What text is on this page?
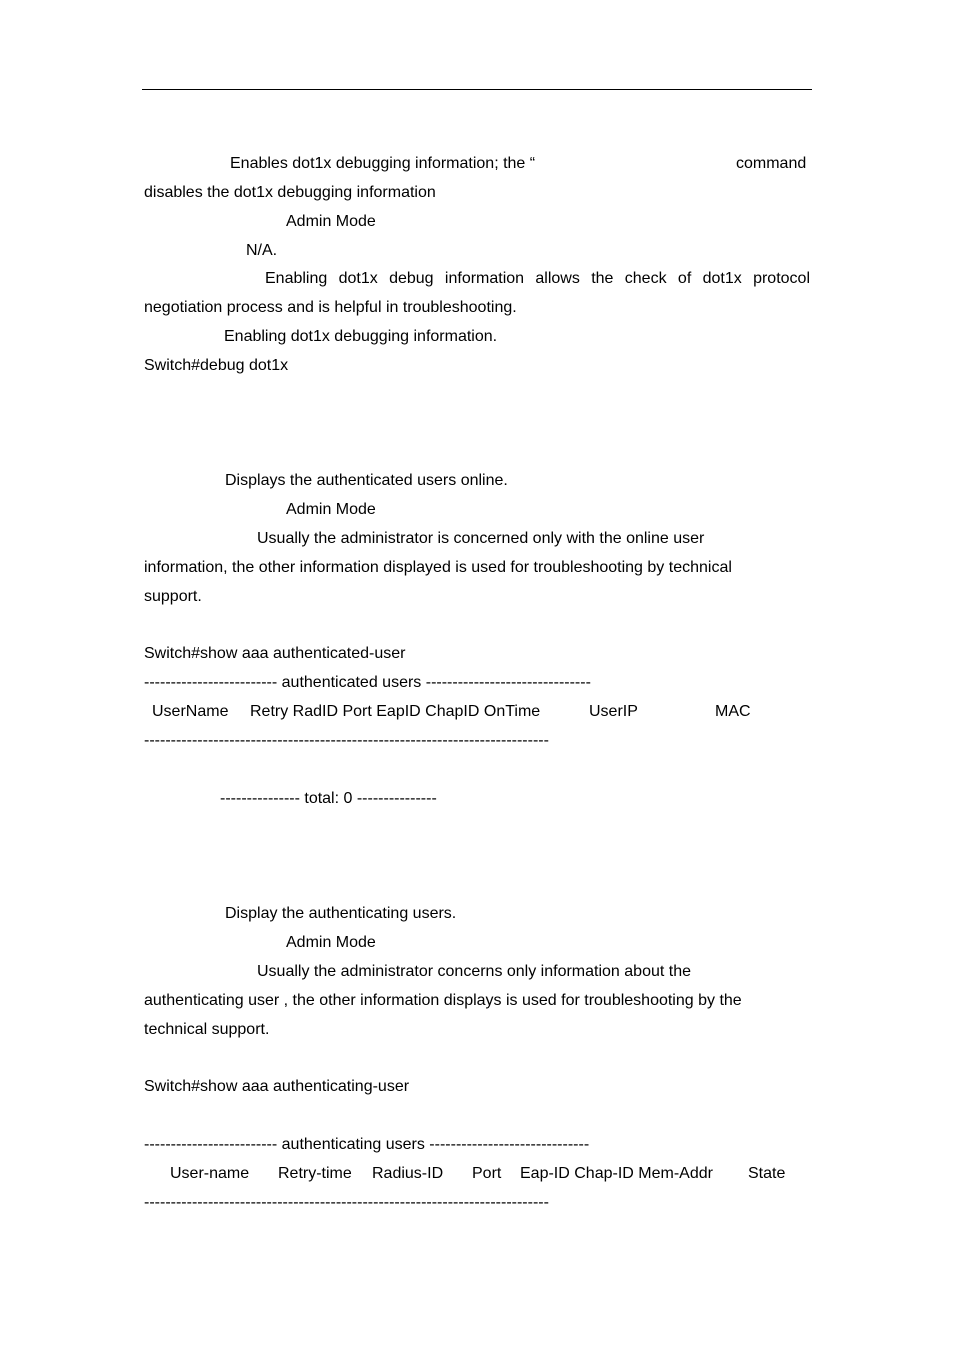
Enables dot1x debugging information; the “	command

disables the dot1x debugging information

Admin Mode

N/A.

Enabling dot1x debug information allows the check of dot1x protocol

negotiation process and is helpful in troubleshooting.

Enabling dot1x debugging information.

Switch#debug dot1x

Displays the authenticated users online.

Admin Mode

Usually the administrator is concerned only with the online user

information, the other information displayed is used for troubleshooting by technical

support.

Switch#show aaa authenticated-user

------------------------- authenticated users -------------------------------

UserName Retry RadID Port EapID ChapID OnTime	UserIP	MAC

----------------------------------------------------------------------------

--------------- total: 0 ---------------

Display the authenticating users.

Admin Mode

Usually the administrator concerns only information about the

authenticating user , the other information displays is used for troubleshooting by the

technical support.

Switch#show aaa authenticating-user

------------------------- authenticating users ------------------------------

User-name Retry-time Radius-ID Port Eap-ID Chap-ID Mem-Addr State

----------------------------------------------------------------------------
